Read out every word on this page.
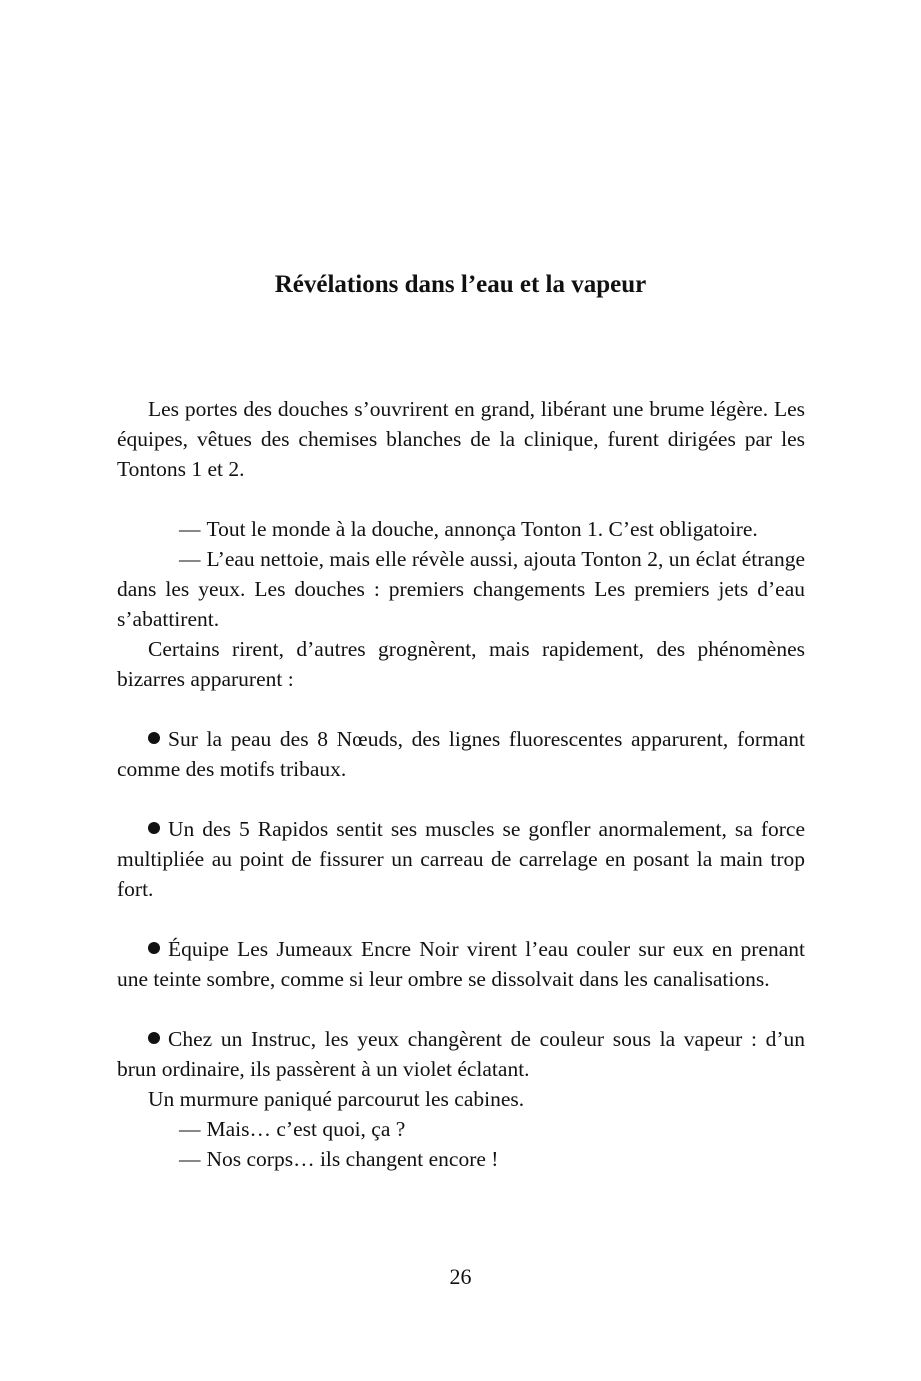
Révélations dans l’eau et la vapeur

Les portes des douches s’ouvrirent en grand, libérant une brume légère. Les équipes, vêtues des chemises blanches de la clinique, furent dirigées par les Tontons 1 et 2.

— Tout le monde à la douche, annonça Tonton 1. C’est obligatoire.

— L’eau nettoie, mais elle révèle aussi, ajouta Tonton 2, un éclat étrange dans les yeux. Les douches : premiers changements Les premiers jets d’eau s’abattirent.

Certains rirent, d’autres grognèrent, mais rapidement, des phénomènes bizarres apparurent :

Sur la peau des 8 Nœuds, des lignes fluorescentes apparurent, formant comme des motifs tribaux.

Un des 5 Rapidos sentit ses muscles se gonfler anormalement, sa force multipliée au point de fissurer un carreau de carrelage en posant la main trop fort.

Équipe Les Jumeaux Encre Noir virent l’eau couler sur eux en prenant une teinte sombre, comme si leur ombre se dissolvait dans les canalisations.

Chez un Instruc, les yeux changèrent de couleur sous la vapeur : d’un brun ordinaire, ils passèrent à un violet éclatant.

Un murmure paniqué parcourut les cabines.

— Mais… c’est quoi, ça ?

— Nos corps… ils changent encore !

26
